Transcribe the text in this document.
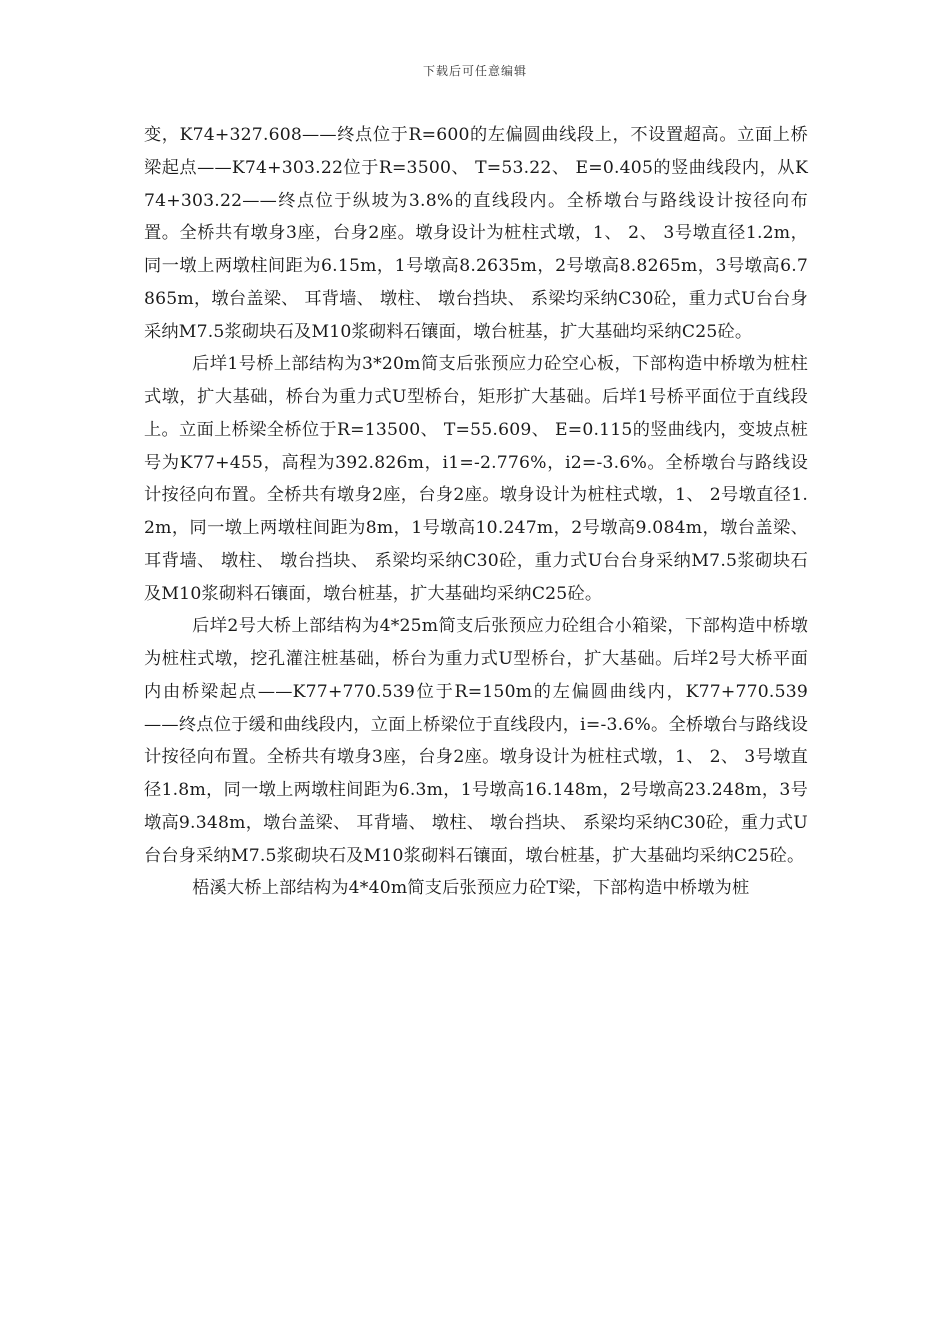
下载后可任意编辑

变，K74+327.608——终点位于R=600的左偏圆曲线段上，不设置超高。立面上桥梁起点——K74+303.22位于R=3500、 T=53.22、 E=0.405的竖曲线段内，从K74+303.22——终点位于纵坡为3.8%的直线段内。全桥墩台与路线设计按径向布置。全桥共有墩身3座，台身2座。墩身设计为桩柱式墩，1、 2、 3号墩直径1.2m，同一墩上两墩柱间距为6.15m，1号墩高8.2635m，2号墩高8.8265m，3号墩高6.7865m，墩台盖梁、 耳背墙、 墩柱、 墩台挡块、 系梁均采纳C30砼，重力式U台台身采纳M7.5浆砌块石及M10浆砌料石镶面，墩台桩基，扩大基础均采纳C25砼。

后垟1号桥上部结构为3*20m简支后张预应力砼空心板，下部构造中桥墩为桩柱式墩，扩大基础，桥台为重力式U型桥台，矩形扩大基础。后垟1号桥平面位于直线段上。立面上桥梁全桥位于R=13500、 T=55.609、 E=0.115的竖曲线内，变坡点桩号为K77+455，高程为392.826m，i1=-2.776%，i2=-3.6%。全桥墩台与路线设计按径向布置。全桥共有墩身2座，台身2座。墩身设计为桩柱式墩，1、 2号墩直径1.2m，同一墩上两墩柱间距为8m，1号墩高10.247m，2号墩高9.084m，墩台盖梁、 耳背墙、 墩柱、 墩台挡块、 系梁均采纳C30砼，重力式U台台身采纳M7.5浆砌块石及M10浆砌料石镶面，墩台桩基，扩大基础均采纳C25砼。

后垟2号大桥上部结构为4*25m简支后张预应力砼组合小箱梁，下部构造中桥墩为桩柱式墩，挖孔灌注桩基础，桥台为重力式U型桥台，扩大基础。后垟2号大桥平面内由桥梁起点——K77+770.539位于R=150m的左偏圆曲线内，K77+770.539——终点位于缓和曲线段内，立面上桥梁位于直线段内，i=-3.6%。全桥墩台与路线设计按径向布置。全桥共有墩身3座，台身2座。墩身设计为桩柱式墩，1、 2、 3号墩直径1.8m，同一墩上两墩柱间距为6.3m，1号墩高16.148m，2号墩高23.248m，3号墩高9.348m，墩台盖梁、 耳背墙、 墩柱、 墩台挡块、 系梁均采纳C30砼，重力式U台台身采纳M7.5浆砌块石及M10浆砌料石镶面，墩台桩基，扩大基础均采纳C25砼。

梧溪大桥上部结构为4*40m简支后张预应力砼T梁，下部构造中桥墩为桩
